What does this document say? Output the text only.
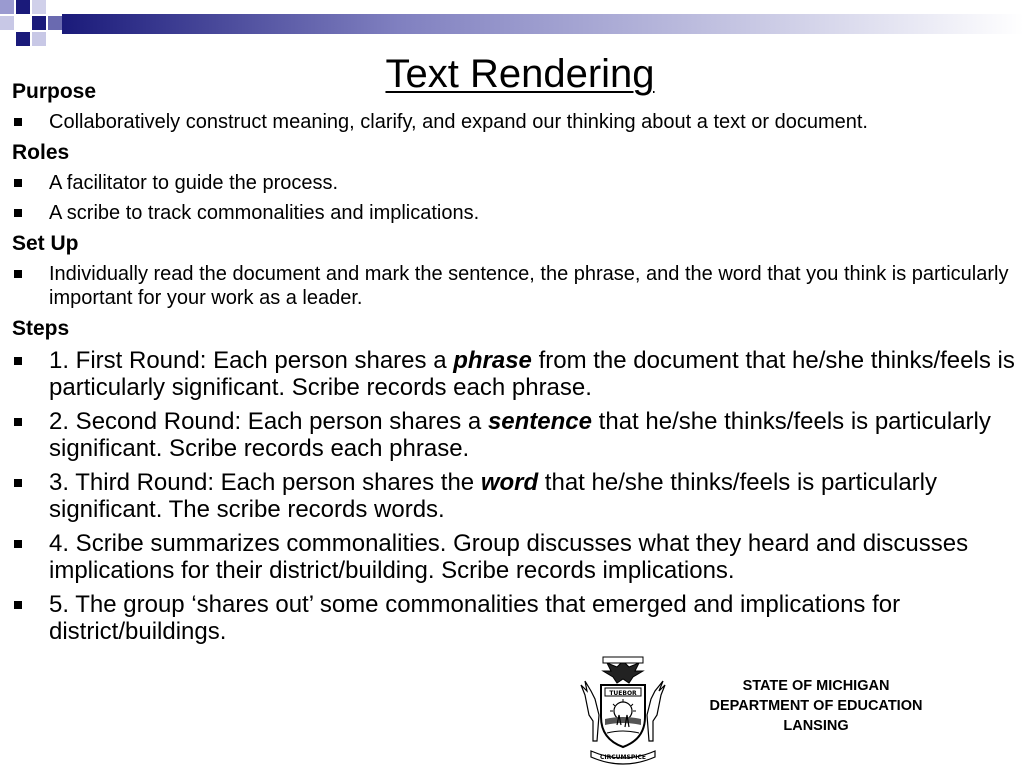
Text Rendering
Purpose
Collaboratively construct meaning, clarify, and expand our thinking about a text or document.
Roles
A facilitator to guide the process.
A scribe to track commonalities and implications.
Set Up
Individually read the document and mark the sentence, the phrase, and the word that you think is particularly important for your work as a leader.
Steps
1. First Round: Each person shares a phrase from the document that he/she thinks/feels is particularly significant. Scribe records each phrase.
2. Second Round: Each person shares a sentence that he/she thinks/feels is particularly significant. Scribe records each phrase.
3. Third Round: Each person shares the word that he/she thinks/feels is particularly significant. The scribe records words.
4. Scribe summarizes commonalities. Group discusses what they heard and discusses implications for their district/building. Scribe records implications.
5. The group ‘shares out’ some commonalities that emerged and implications for district/buildings.
TUEBOR
CIRCUMSPICE
STATE OF MICHIGAN
DEPARTMENT OF EDUCATION
LANSING
